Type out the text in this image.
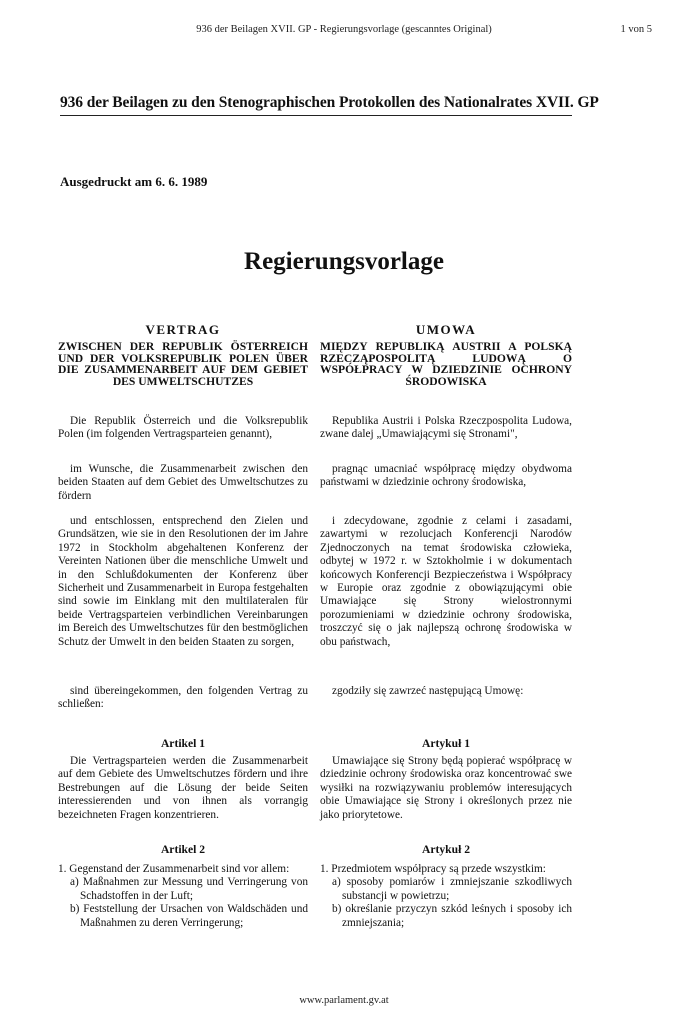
936 der Beilagen XVII. GP - Regierungsvorlage (gescanntes Original)	1 von 5
936 der Beilagen zu den Stenographischen Protokollen des Nationalrates XVII. GP
Ausgedruckt am 6. 6. 1989
Regierungsvorlage
VERTRAG
ZWISCHEN DER REPUBLIK ÖSTERREICH UND DER VOLKSREPUBLIK POLEN ÜBER DIE ZUSAMMENARBEIT AUF DEM GEBIET DES UMWELTSCHUTZES
Die Republik Österreich und die Volksrepublik Polen (im folgenden Vertragsparteien genannt),
im Wunsche, die Zusammenarbeit zwischen den beiden Staaten auf dem Gebiet des Umweltschutzes zu fördern
und entschlossen, entsprechend den Zielen und Grundsätzen, wie sie in den Resolutionen der im Jahre 1972 in Stockholm abgehaltenen Konferenz der Vereinten Nationen über die menschliche Umwelt und in den Schlußdokumenten der Konferenz über Sicherheit und Zusammenarbeit in Europa festgehalten sind sowie im Einklang mit den multilateralen für beide Vertragsparteien verbindlichen Vereinbarungen im Bereich des Umweltschutzes für den bestmöglichen Schutz der Umwelt in den beiden Staaten zu sorgen,
sind übereingekommen, den folgenden Vertrag zu schließen:
Artikel 1
Die Vertragsparteien werden die Zusammenarbeit auf dem Gebiete des Umweltschutzes fördern und ihre Bestrebungen auf die Lösung der beide Seiten interessierenden und von ihnen als vorrangig bezeichneten Fragen konzentrieren.
Artikel 2
1. Gegenstand der Zusammenarbeit sind vor allem:
a) Maßnahmen zur Messung und Verringerung von Schadstoffen in der Luft;
b) Feststellung der Ursachen von Waldschäden und Maßnahmen zu deren Verringerung;
UMOWA
MIĘDZY REPUBLIKĄ AUSTRII A POLSKĄ RZECZĄPOSPOLITĄ LUDOWĄ O WSPÓŁPRACY W DZIEDZINIE OCHRONY ŚRODOWISKA
Republika Austrii i Polska Rzeczpospolita Ludowa, zwane dalej „Umawiającymi się Stronami",
pragnąc umacniać współpracę między obydwoma państwami w dziedzinie ochrony środowiska,
i zdecydowane, zgodnie z celami i zasadami, zawartymi w rezolucjach Konferencji Narodów Zjednoczonych na temat środowiska człowieka, odbytej w 1972 r. w Sztokholmie i w dokumentach końcowych Konferencji Bezpieczeństwa i Współpracy w Europie oraz zgodnie z obowiązującymi obie Umawiające się Strony wielostronnymi porozumieniami w dziedzinie ochrony środowiska, troszczyć się o jak najlepszą ochronę środowiska w obu państwach,
zgodziły się zawrzeć następującą Umowę:
Artykuł 1
Umawiające się Strony będą popierać współpracę w dziedzinie ochrony środowiska oraz koncentrować swe wysiłki na rozwiązywaniu problemów interesujących obie Umawiające się Strony i określonych przez nie jako priorytetowe.
Artykuł 2
1. Przedmiotem współpracy są przede wszystkim:
a) sposoby pomiarów i zmniejszanie szkodliwych substancji w powietrzu;
b) określanie przyczyn szkód leśnych i sposoby ich zmniejszania;
www.parlament.gv.at
